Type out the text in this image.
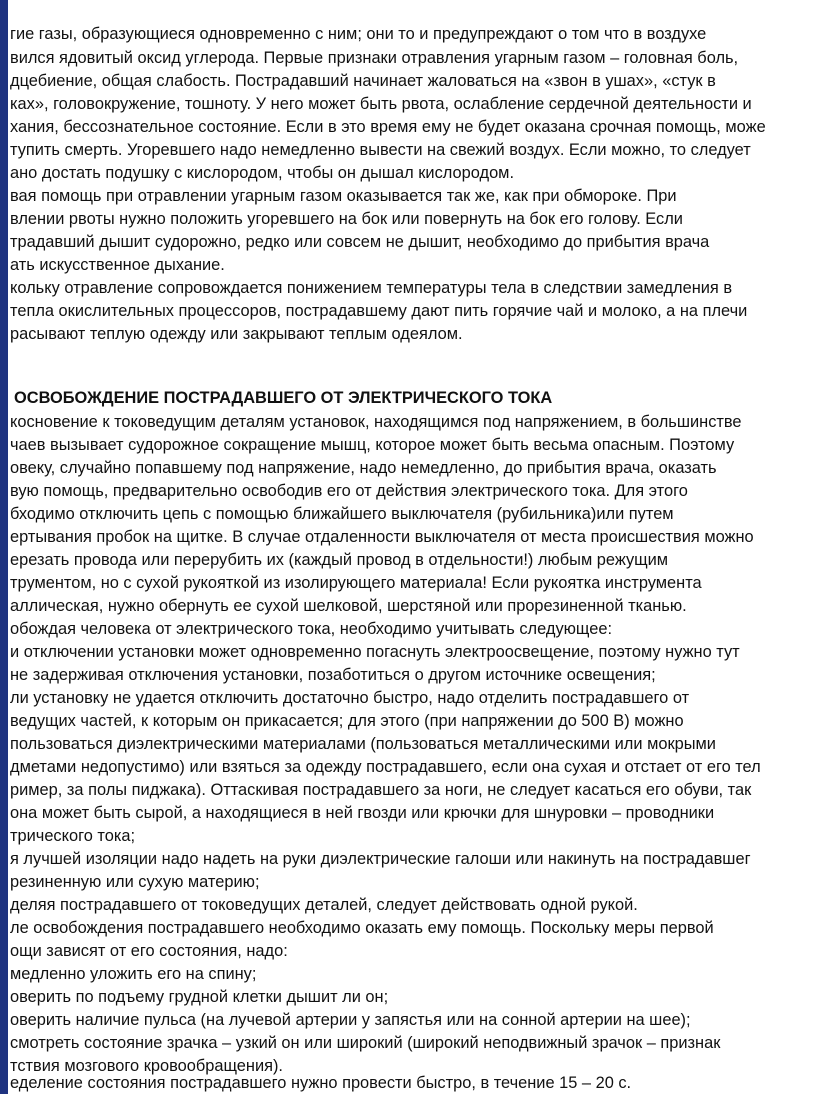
гие газы, образующиеся одновременно с ним; они то и предупреждают о том что в воздухе
вился ядовитый оксид углерода. Первые признаки отравления угарным газом – головная боль,
дцебиение, общая слабость. Пострадавший начинает жаловаться на «звон в ушах», «стук в
ках», головокружение, тошноту. У него может быть рвота, ослабление сердечной деятельности и
хания, бессознательное состояние. Если в это время ему не будет оказана срочная помощь, може
тупить смерть. Угоревшего надо немедленно вывести на свежий воздух. Если можно, то следует
ано достать подушку с кислородом, чтобы он дышал кислородом.
вая помощь при отравлении угарным газом оказывается так же, как при обмороке. При
влении рвоты нужно положить угоревшего на бок или повернуть на бок его голову. Если
традавший дышит судорожно, редко или совсем не дышит, необходимо до прибытия врача
ать искусственное дыхание.
кольку отравление сопровождается понижением температуры тела в следствии замедления в
тепла окислительных процессоров, пострадавшему дают пить горячие чай и молоко, а на плечи
расывают теплую одежду или закрывают теплым одеялом.
ОСВОБОЖДЕНИЕ ПОСТРАДАВШЕГО ОТ ЭЛЕКТРИЧЕСКОГО ТОКА
косновение к токоведущим деталям установок, находящимся под напряжением, в большинстве
чаев вызывает судорожное сокращение мышц, которое может быть весьма опасным. Поэтому
овеку, случайно попавшему под напряжение, надо немедленно, до прибытия врача, оказать
вую помощь, предварительно освободив его от действия электрического тока. Для этого
бходимо отключить цепь с помощью ближайшего выключателя (рубильника)или путем
ертывания пробок на щитке. В случае отдаленности выключателя от места происшествия можно
ерезать провода или перерубить их (каждый провод в отдельности!) любым режущим
трументом, но с сухой рукояткой из изолирующего материала! Если рукоятка инструмента
аллическая, нужно обернуть ее сухой шелковой, шерстяной или прорезиненной тканью.
обождая человека от электрического тока, необходимо учитывать следующее:
и отключении установки может одновременно погаснуть электроосвещение, поэтому нужно тут
не задерживая отключения установки, позаботиться о другом источнике освещения;
ли установку не удается отключить достаточно быстро, надо отделить пострадавшего от
ведущих частей, к которым он прикасается; для этого (при напряжении до 500 В) можно
пользоваться диэлектрическими материалами (пользоваться металлическими или мокрыми
дметами недопустимо) или взяться за одежду пострадавшего, если она сухая и отстает от его тел
ример, за полы пиджака). Оттаскивая пострадавшего за ноги, не следует касаться его обуви, так
она может быть сырой, а находящиеся в ней гвозди или крючки для шнуровки – проводники
трического тока;
я лучшей изоляции надо надеть на руки диэлектрические галоши или накинуть на пострадавшег
резиненную или сухую материю;
деляя пострадавшего от токоведущих деталей, следует действовать одной рукой.
ле освобождения пострадавшего необходимо оказать ему помощь. Поскольку меры первой
ощи зависят от его состояния, надо:
медленно уложить его на спину;
оверить по подъему грудной клетки дышит ли он;
оверить наличие пульса (на лучевой артерии у запястья или на сонной артерии на шее);
смотреть состояние зрачка – узкий он или широкий (широкий неподвижный зрачок – признак
тствия мозгового кровообращения).
еделение состояния пострадавшего нужно провести быстро, в течение 15 – 20 с.
